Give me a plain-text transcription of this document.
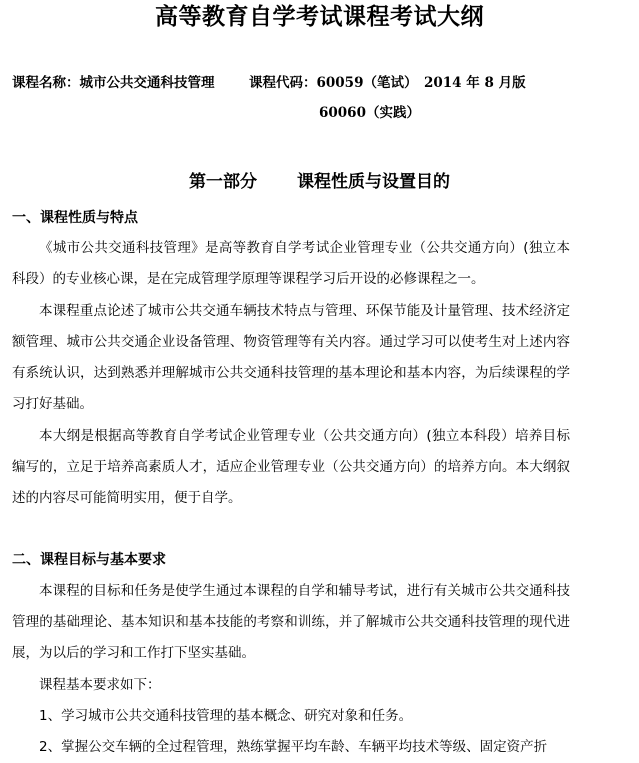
高等教育自学考试课程考试大纲
课程名称：城市公共交通科技管理	课程代码：60059（笔试） 2014 年 8 月版
60060（实践）
第一部分 课程性质与设置目的
一、课程性质与特点
《城市公共交通科技管理》是高等教育自学考试企业管理专业（公共交通方向）(独立本科段）的专业核心课，是在完成管理学原理等课程学习后开设的必修课程之一。
本课程重点论述了城市公共交通车辆技术特点与管理、环保节能及计量管理、技术经济定额管理、城市公共交通企业设备管理、物资管理等有关内容。通过学习可以使考生对上述内容有系统认识，达到熟悉并理解城市公共交通科技管理的基本理论和基本内容，为后续课程的学习打好基础。
本大纲是根据高等教育自学考试企业管理专业（公共交通方向）(独立本科段）培养目标编写的，立足于培养高素质人才，适应企业管理专业（公共交通方向）的培养方向。本大纲叙述的内容尽可能简明实用，便于自学。
二、课程目标与基本要求
本课程的目标和任务是使学生通过本课程的自学和辅导考试，进行有关城市公共交通科技管理的基础理论、基本知识和基本技能的考察和训练，并了解城市公共交通科技管理的现代进展，为以后的学习和工作打下坚实基础。
课程基本要求如下：
1、学习城市公共交通科技管理的基本概念、研究对象和任务。
2、掌握公交车辆的全过程管理，熟练掌握平均车龄、车辆平均技术等级、固定资产折
